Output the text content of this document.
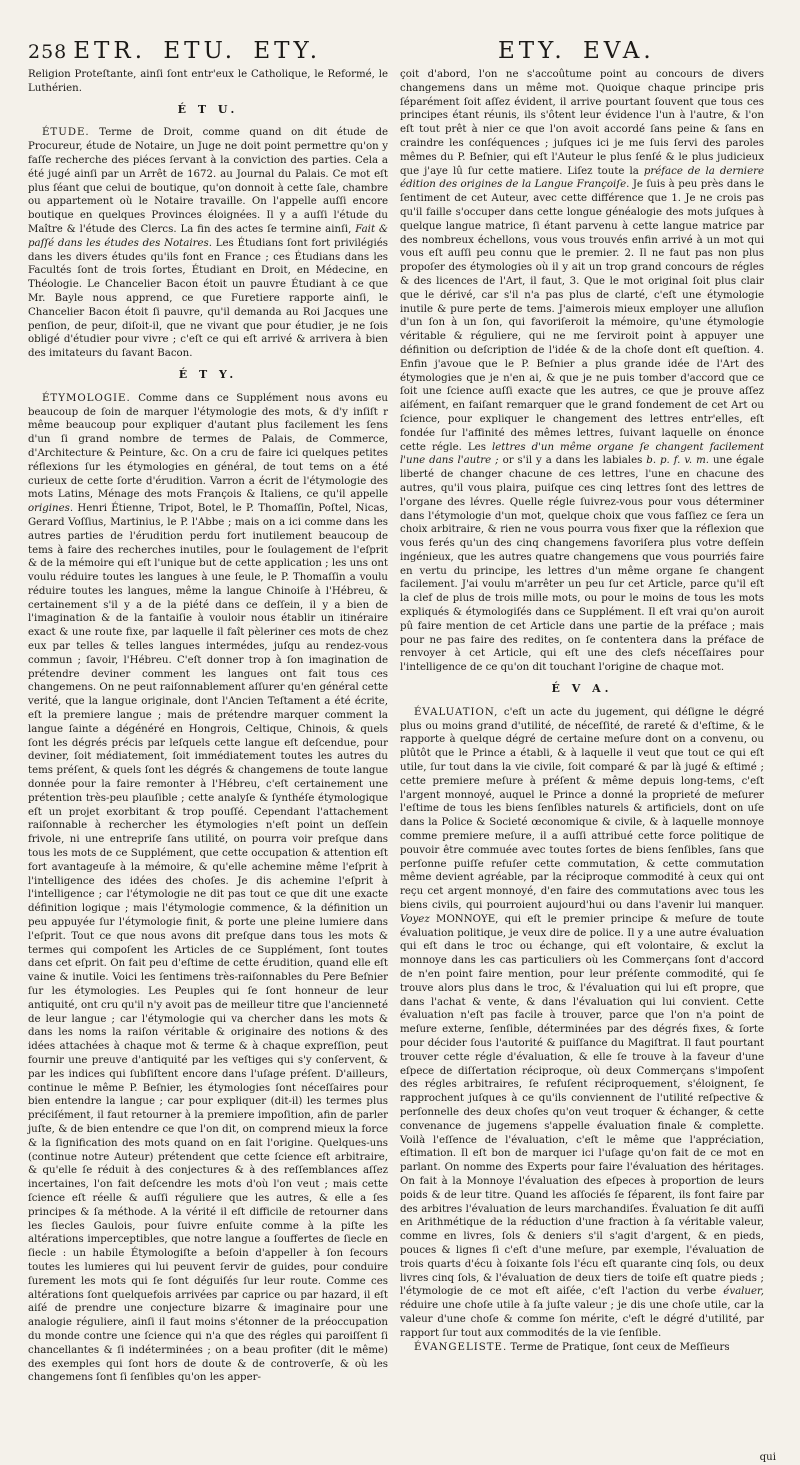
258 ETR. ETU. ETY.	ETY. EVA.

Religion Proteſtante, ainſi ſont entr'eux le Catholique, le Reformé, le Luthérien.

É T U.

ÉTUDE. Terme de Droit, comme quand on dit étude de Procureur, étude de Notaire, un Juge ne doit point permettre qu'on y faſſe recherche des piéces ſervant à la conviction des parties. Cela a été jugé ainſi par un Arrêt de 1672. au Journal du Palais. Ce mot eſt plus ſéant que celui de boutique, qu'on donnoit à cette ſale, chambre ou appartement où le Notaire travaille. On l'appelle auſſi encore boutique en quelques Provinces éloignées. Il y a auſſi l'étude du Maître & l'étude des Clercs. La fin des actes ſe termine ainſi, Fait & paſſé dans les études des Notaires. Les Étudians ſont fort privilégiés dans les divers études qu'ils font en France ; ces Étudians dans les Facultés ſont de trois ſortes, Étudiant en Droit, en Médecine, en Théologie. Le Chancelier Bacon étoit un pauvre Étudiant à ce que Mr. Bayle nous apprend, ce que Furetiere rapporte ainſi, le Chancelier Bacon étoit ſi pauvre, qu'il demanda au Roi Jacques une penſion, de peur, diſoit-il, que ne vivant que pour étudier, je ne ſois obligé d'étudier pour vivre ; c'eſt ce qui eſt arrivé & arrivera à bien des imitateurs du ſavant Bacon.

É T Y.

ÉTYMOLOGIE. Comme dans ce Supplément nous avons eu beaucoup de ſoin de marquer l'étymologie des mots, & d'y inſiſt r même beaucoup pour expliquer d'autant plus facilement les ſens d'un ſi grand nombre de termes de Palais, de Commerce, d'Architecture & Peinture, &c. On a cru de faire ici quelques petites réflexions ſur les étymologies en général, de tout tems on a été curieux de cette ſorte d'érudition. Varron a écrit de l'étymologie des mots Latins, Ménage des mots François & Italiens, ce qu'il appelle origines. Henri Étienne, Tripot, Botel, le P. Thomaſſin, Poſtel, Nicas, Gerard Voſſius, Martinius, le P. l'Abbe ; mais on a ici comme dans les autres parties de l'érudition perdu fort inutilement beaucoup de tems à faire des recherches inutiles, pour le ſoulagement de l'eſprit & de la mémoire qui eſt l'unique but de cette application ; les uns ont voulu réduire toutes les langues à une ſeule, le P. Thomaſſin a voulu réduire toutes les langues, même la langue Chinoiſe à l'Hébreu, & certainement s'il y a de la piété dans ce deſſein, il y a bien de l'imagination & de la fantaiſie à vouloir nous établir un itinéraire exact & une route fixe, par laquelle il faît pèleriner ces mots de chez eux par telles & telles langues intermédes, juſqu au rendez-vous commun ; ſavoir, l'Hébreu. C'eſt donner trop à ſon imagination de prétendre deviner comment les langues ont fait tous ces changemens. On ne peut raiſonnablement aſſurer qu'en général cette verité, que la langue originale, dont l'Ancien Teſtament a été écrite, eſt la premiere langue ; mais de prétendre marquer comment la langue ſainte a dégénéré en Hongrois, Celtique, Chinois, & quels ſont les dégrés précis par leſquels cette langue eſt deſcendue, pour deviner, ſoit médiatement, ſoit immédiatement toutes les autres du tems préſent, & quels ſont les dégrés & changemens de toute langue donnée pour la faire remonter à l'Hébreu, c'eſt certainement une prétention très-peu plauſible ; cette analyſe & ſynthéſe étymologique eſt un projet exorbitant & trop pouſſé. Cependant l'attachement raiſonnable à rechercher les étymologies n'eſt point un deſſein frivole, ni une entrepriſe ſans utilité, on pourra voir preſque dans tous les mots de ce Supplément, que cette occupation & attention eſt fort avantageuſe à la mémoire, & qu'elle achemine même l'eſprit à l'intelligence des idées des choſes. Je dis achemine l'eſprit à l'intelligence ; car l'étymologie ne dit pas tout ce que dit une exacte définition logique ; mais l'étymologie commence, & la définition un peu appuyée ſur l'étymologie finit, & porte une pleine lumiere dans l'eſprit. Tout ce que nous avons dit preſque dans tous les mots & termes qui compoſent les Articles de ce Supplément, ſont toutes dans cet eſprit. On fait peu d'eſtime de cette érudition, quand elle eſt vaine & inutile. Voici les ſentimens très-raiſonnables du Pere Beſnier ſur les étymologies. Les Peuples qui ſe ſont honneur de leur antiquité, ont cru qu'il n'y avoit pas de meilleur titre que l'ancienneté de leur langue ; car l'étymologie qui va chercher dans les mots & dans les noms la raiſon véritable & originaire des notions & des idées attachées à chaque mot & terme & à chaque expreſſion, peut fournir une preuve d'antiquité par les veſtiges qui s'y conſervent, & par les indices qui ſubſiſtent encore dans l'uſage préſent. D'ailleurs, continue le même P. Beſnier, les étymologies ſont néceſſaires pour bien entendre la langue ; car pour expliquer (dit-il) les termes plus préciſément, il faut retourner à la premiere impoſition, afin de parler juſte, & de bien entendre ce que l'on dit, on comprend mieux la force & la ſignification des mots quand on en ſait l'origine. Quelques-uns (continue notre Auteur) prétendent que cette ſcience eſt arbitraire, & qu'elle ſe réduit à des conjectures & à des reſſemblances aſſez incertaines, l'on fait deſcendre les mots d'où l'on veut ; mais cette ſcience eſt réelle & auſſi réguliere que les autres, & elle a ſes principes & ſa méthode. A la vérité il eſt difficile de retourner dans les ſiecles Gaulois, pour ſuivre enſuite comme à la piſte les altérations imperceptibles, que notre langue a ſouffertes de ſiecle en ſiecle : un habile Étymologiſte a beſoin d'appeller à ſon ſecours toutes les lumieres qui lui peuvent ſervir de guides, pour conduire ſurement les mots qui ſe ſont déguiſés ſur leur route. Comme ces altérations ſont quelquefois arrivées par caprice ou par hazard, il eſt aiſé de prendre une conjecture bizarre & imaginaire pour une analogie réguliere, ainſi il faut moins s'étonner de la préoccupation du monde contre une ſcience qui n'a que des régles qui paroiſſent ſi chancellantes & ſi indéterminées ; on a beau profiter (dit le même) des exemples qui ſont hors de doute & de controverſe, & où les changemens ſont ſi ſenſibles qu'on les apper-

çoit d'abord, l'on ne s'accoûtume point au concours de divers changemens dans un même mot. Quoique chaque principe pris ſéparément ſoit aſſez évident, il arrive pourtant ſouvent que tous ces principes étant réunis, ils s'ôtent leur évidence l'un à l'autre, & l'on eſt tout prêt à nier ce que l'on avoit accordé ſans peine & ſans en craindre les conſéquences ; juſques ici je me ſuis ſervi des paroles mêmes du P. Beſnier, qui eſt l'Auteur le plus ſenſé & le plus judicieux que j'aye lû ſur cette matiere. Liſez toute la préface de la derniere édition des origines de la Langue Françoiſe. Je ſuis à peu près dans le ſentiment de cet Auteur, avec cette différence que 1. Je ne crois pas qu'il faille s'occuper dans cette longue généalogie des mots juſques à quelque langue matrice, ſi étant parvenu à cette langue matrice par des nombreux échellons, vous vous trouvés enfin arrivé à un mot qui vous eſt auſſi peu connu que le premier. 2. Il ne faut pas non plus propoſer des étymologies où il y ait un trop grand concours de régles & des licences de l'Art, il faut, 3. Que le mot original ſoit plus clair que le dérivé, car s'il n'a pas plus de clarté, c'eſt une étymologie inutile & pure perte de tems. J'aimerois mieux employer une alluſion d'un ſon à un ſon, qui favoriſeroit la mémoire, qu'une étymologie véritable & réguliere, qui ne me ſerviroit point à appuyer une définition ou deſcription de l'idée & de la choſe dont eſt queſtion. 4. Enfin j'avoue que le P. Beſnier a plus grande idée de l'Art des étymologies que je n'en ai, & que je ne puis tomber d'accord que ce ſoit une ſcience auſſi exacte que les autres, ce que je prouve aſſez aiſément, en faiſant remarquer que le grand fondement de cet Art ou ſcience, pour expliquer le changement des lettres entr'elles, eſt fondée ſur l'affinité des mêmes lettres, ſuivant laquelle on énonce cette régle. Les lettres d'un même organe ſe changent facilement l'une dans l'autre ; or s'il y a dans les labiales b. p. f. v. m. une égale liberté de changer chacune de ces lettres, l'une en chacune des autres, qu'il vous plaira, puiſque ces cinq lettres ſont des lettres de l'organe des lévres. Quelle régle ſuivrez-vous pour vous déterminer dans l'étymologie d'un mot, quelque choix que vous faſſiez ce ſera un choix arbitraire, & rien ne vous pourra vous fixer que la réflexion que vous ferés qu'un des cinq changemens favoriſera plus votre deſſein ingénieux, que les autres quatre changemens que vous pourriés faire en vertu du principe, les lettres d'un même organe ſe changent facilement. J'ai voulu m'arrêter un peu ſur cet Article, parce qu'il eſt la clef de plus de trois mille mots, ou pour le moins de tous les mots expliqués & étymologiſés dans ce Supplément. Il eſt vrai qu'on auroit pû faire mention de cet Article dans une partie de la préface ; mais pour ne pas faire des redites, on ſe contentera dans la préface de renvoyer à cet Article, qui eſt une des clefs néceſſaires pour l'intelligence de ce qu'on dit touchant l'origine de chaque mot.

É V A.

ÉVALUATION, c'eſt un acte du jugement, qui déſigne le dégré plus ou moins grand d'utilité, de néceſſité, de rareté & d'eſtime, & le rapporte à quelque dégré de certaine meſure dont on a convenu, ou plûtôt que le Prince a établi, & à laquelle il veut que tout ce qui eſt utile, ſur tout dans la vie civile, ſoit comparé & par là jugé & eſtimé ; cette premiere meſure à préſent & même depuis long-tems, c'eſt l'argent monnoyé, auquel le Prince a donné la proprieté de meſurer l'eſtime de tous les biens ſenſibles naturels & artificiels, dont on uſe dans la Police & Societé œconomique & civile, & à laquelle monnoye comme premiere meſure, il a auſſi attribué cette force politique de pouvoir être commuée avec toutes ſortes de biens ſenſibles, ſans que perſonne puiſſe refuſer cette commutation, & cette commutation même devient agréable, par la réciproque commodité à ceux qui ont reçu cet argent monnoyé, d'en faire des commutations avec tous les biens civils, qui pourroient aujourd'hui ou dans l'avenir lui manquer. Voyez MONNOYE, qui eſt le premier principe & meſure de toute évaluation politique, je veux dire de police. Il y a une autre évaluation qui eſt dans le troc ou échange, qui eſt volontaire, & exclut la monnoye dans les cas particuliers où les Commerçans ſont d'accord de n'en point faire mention, pour leur préſente commodité, qui ſe trouve alors plus dans le troc, & l'évaluation qui lui eſt propre, que dans l'achat & vente, & dans l'évaluation qui lui convient. Cette évaluation n'eſt pas facile à trouver, parce que l'on n'a point de meſure externe, ſenſible, déterminées par des dégrés fixes, & ſorte pour décider ſous l'autorité & puiſſance du Magiſtrat. Il faut pourtant trouver cette régle d'évaluation, & elle ſe trouve à la faveur d'une eſpece de diſſertation réciproque, où deux Commerçans s'impoſent des régles arbitraires, ſe refuſent réciproquement, s'éloignent, ſe rapprochent juſques à ce qu'ils conviennent de l'utilité reſpective & perſonnelle des deux choſes qu'on veut troquer & échanger, & cette convenance de jugemens s'appelle évaluation finale & complette. Voilà l'eſſence de l'évaluation, c'eſt le même que l'appréciation, eſtimation. Il eſt bon de marquer ici l'uſage qu'on fait de ce mot en parlant. On nomme des Experts pour faire l'évaluation des héritages. On fait à la Monnoye l'évaluation des eſpeces à proportion de leurs poids & de leur titre. Quand les aſſociés ſe ſéparent, ils font faire par des arbitres l'évaluation de leurs marchandiſes. Évaluation ſe dit auſſi en Arithmétique de la réduction d'une fraction à ſa véritable valeur, comme en livres, ſols & deniers s'il s'agit d'argent, & en pieds, pouces & lignes ſi c'eſt d'une meſure, par exemple, l'évaluation de trois quarts d'écu à ſoixante ſols l'écu eſt quarante cinq ſols, ou deux livres cinq ſols, & l'évaluation de deux tiers de toiſe eſt quatre pieds ; l'étymologie de ce mot eſt aiſée, c'eſt l'action du verbe évaluer, réduire une choſe utile à ſa juſte valeur ; je dis une choſe utile, car la valeur d'une choſe & comme ſon mérite, c'eſt le dégré d'utilité, par rapport ſur tout aux commodités de la vie ſenſible.

ÉVANGELISTE. Terme de Pratique, ſont ceux de Meſſieurs

qui
